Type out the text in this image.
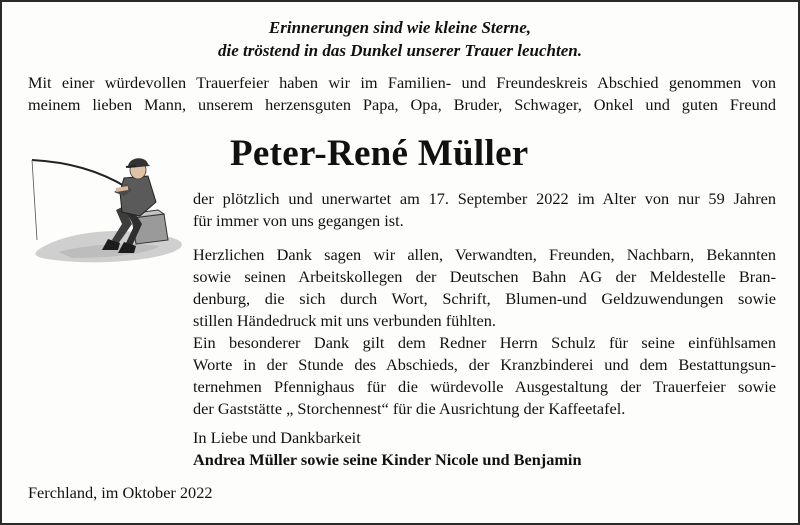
Erinnerungen sind wie kleine Sterne,
die tröstend in das Dunkel unserer Trauer leuchten.

Mit einer würdevollen Trauerfeier haben wir im Familien- und Freundeskreis Abschied genommen von
meinem lieben Mann, unserem herzensguten Papa, Opa, Bruder, Schwager, Onkel und guten Freund

Peter-René Müller

der plötzlich und unerwartet am 17. September 2022 im Alter von nur 59 Jahren
für immer von uns gegangen ist.

Herzlichen Dank sagen wir allen, Verwandten, Freunden, Nachbarn, Bekannten
sowie seinen Arbeitskollegen der Deutschen Bahn AG der Meldestelle Bran-
denburg, die sich durch Wort, Schrift, Blumen-und Geldzuwendungen sowie
stillen Händedruck mit uns verbunden fühlten.

Ein besonderer Dank gilt dem Redner Herrn Schulz für seine einfühlsamen
Worte in der Stunde des Abschieds, der Kranzbinderei und dem Bestattungsun-
ternehmen Pfennighaus für die würdevolle Ausgestaltung der Trauerfeier sowie
der Gaststätte „ Storchennest“ für die Ausrichtung der Kaffeetafel.

In Liebe und Dankbarkeit
Andrea Müller sowie seine Kinder Nicole und Benjamin

Ferchland, im Oktober 2022
